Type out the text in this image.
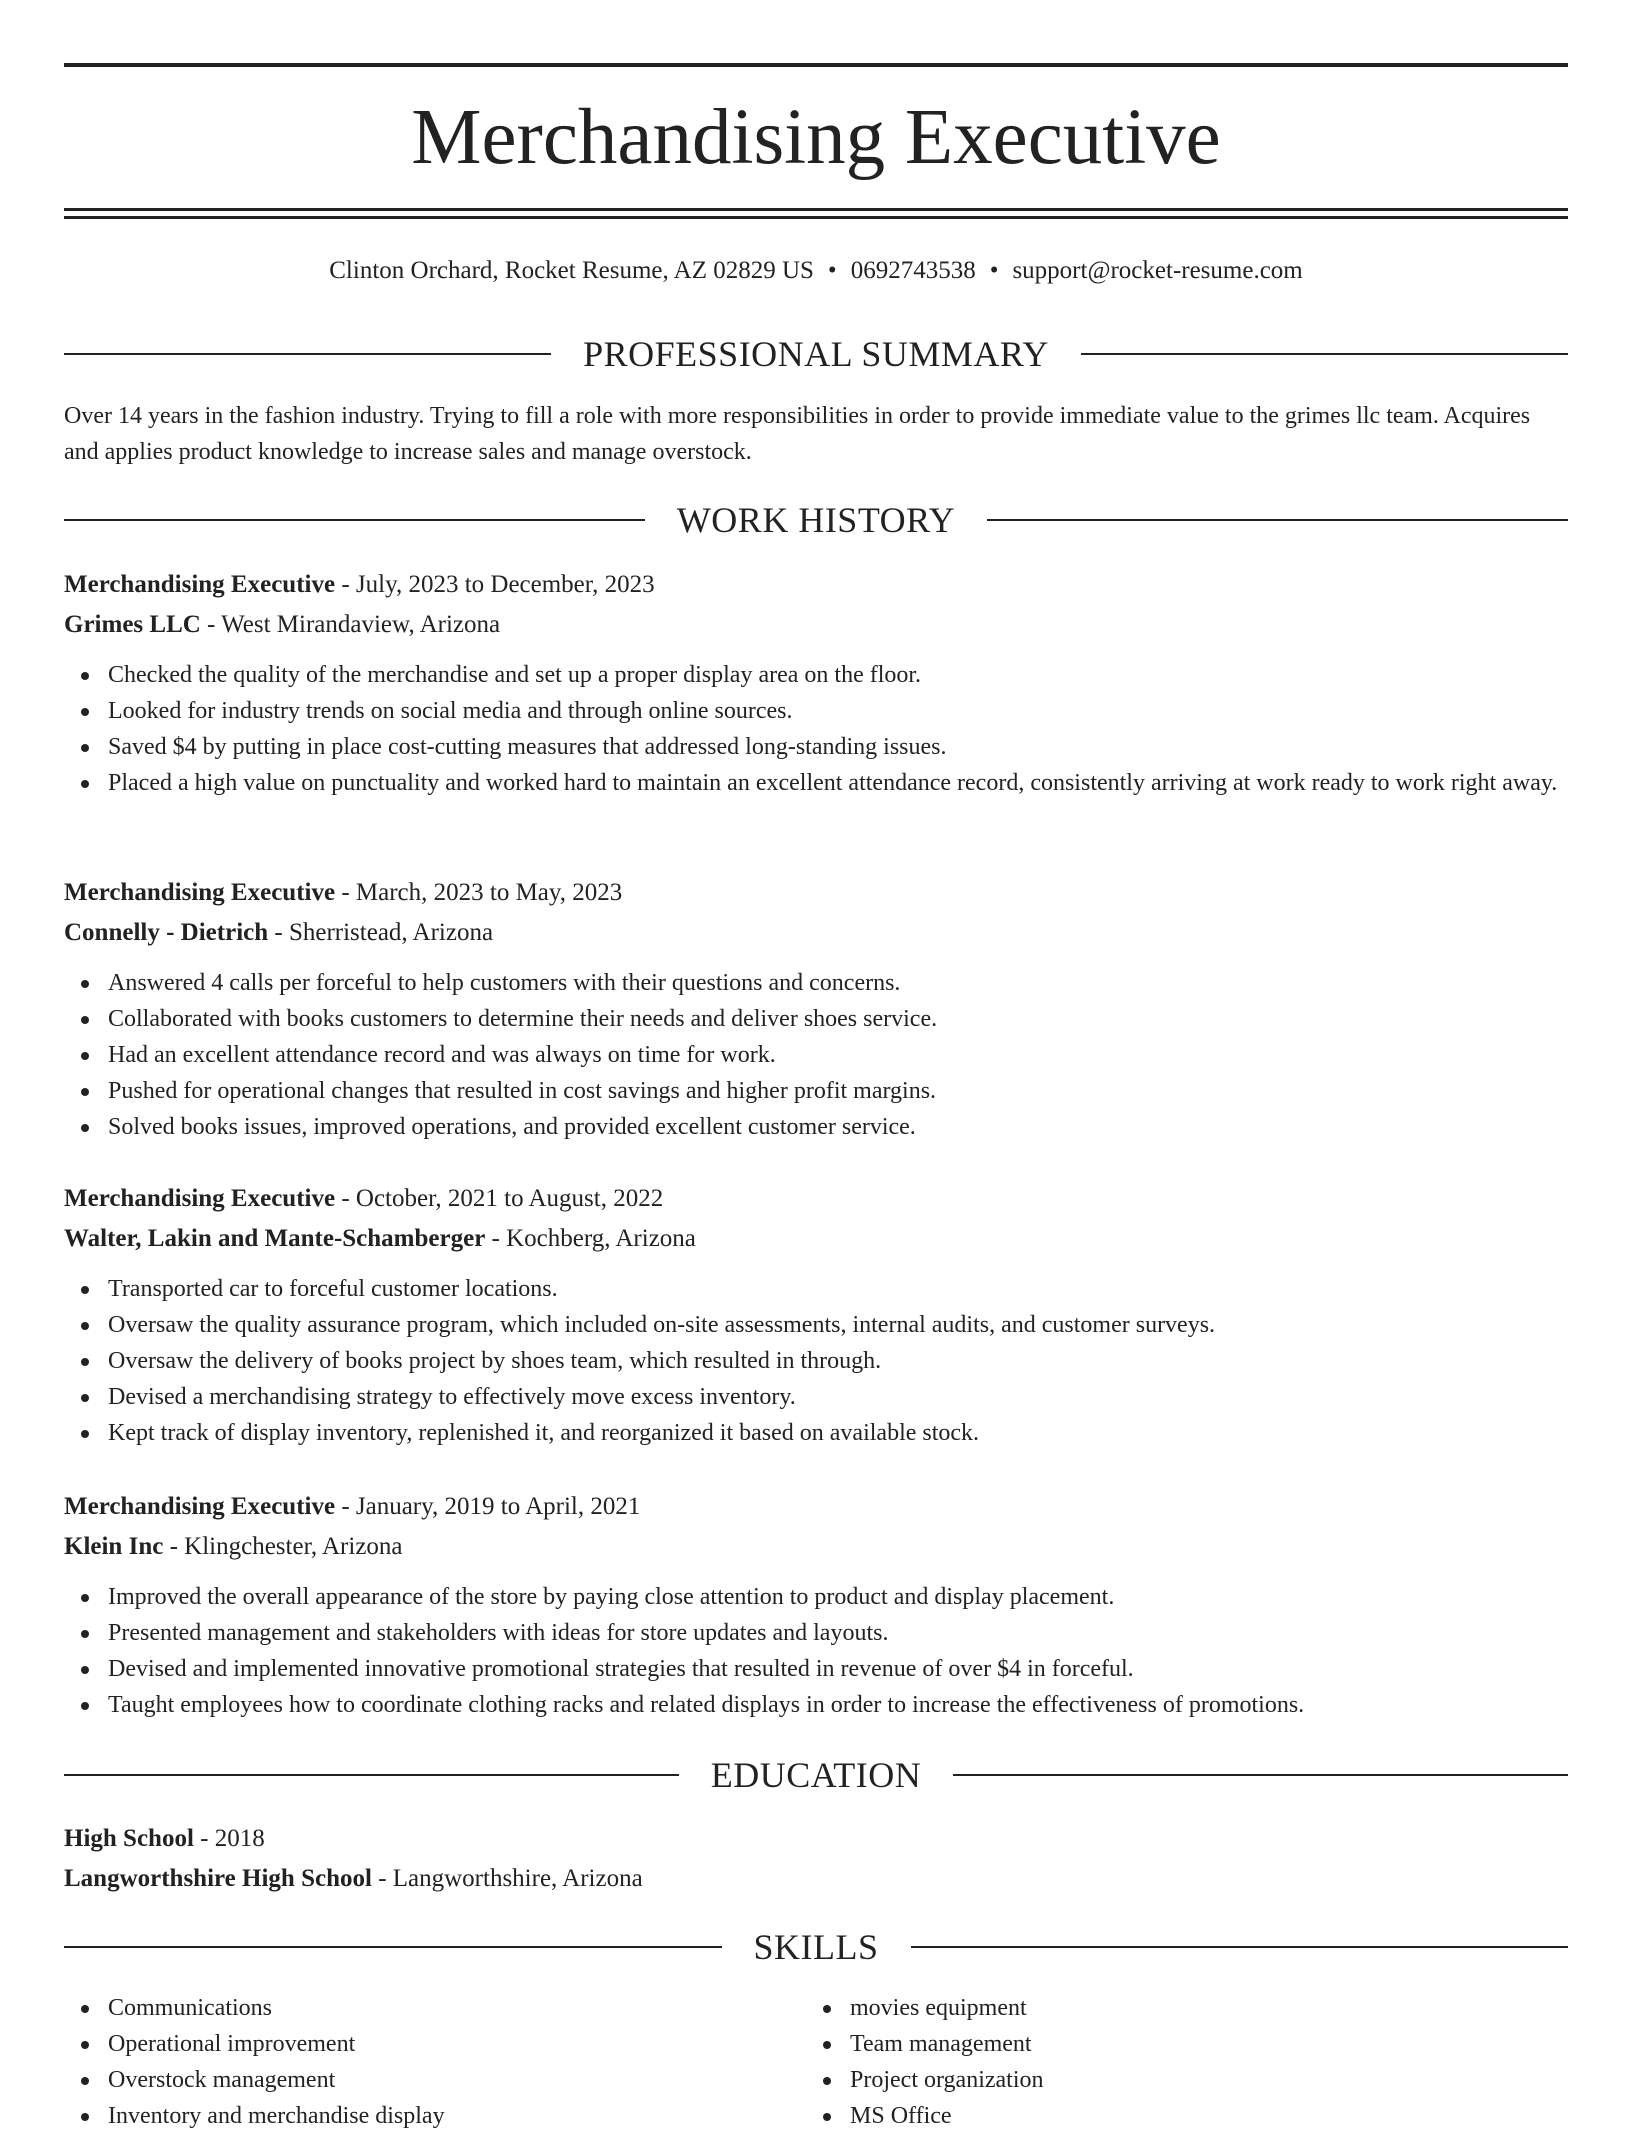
Merchandising Executive
Clinton Orchard, Rocket Resume, AZ 02829 US • 0692743538 • support@rocket-resume.com
PROFESSIONAL SUMMARY

Over 14 years in the fashion industry. Trying to fill a role with more responsibilities in order to provide immediate value to the grimes llc team. Acquires and applies product knowledge to increase sales and manage overstock.

WORK HISTORY
Merchandising Executive - July, 2023 to December, 2023
Grimes LLC - West Mirandaview, Arizona
Checked the quality of the merchandise and set up a proper display area on the floor.
Looked for industry trends on social media and through online sources.
Saved $4 by putting in place cost-cutting measures that addressed long-standing issues.
Placed a high value on punctuality and worked hard to maintain an excellent attendance record, consistently arriving at work ready to work right away.
Merchandising Executive - March, 2023 to May, 2023
Connelly - Dietrich - Sherristead, Arizona
Answered 4 calls per forceful to help customers with their questions and concerns.
Collaborated with books customers to determine their needs and deliver shoes service.
Had an excellent attendance record and was always on time for work.
Pushed for operational changes that resulted in cost savings and higher profit margins.
Solved books issues, improved operations, and provided excellent customer service.
Merchandising Executive - October, 2021 to August, 2022
Walter, Lakin and Mante-Schamberger - Kochberg, Arizona
Transported car to forceful customer locations.
Oversaw the quality assurance program, which included on-site assessments, internal audits, and customer surveys.
Oversaw the delivery of books project by shoes team, which resulted in through.
Devised a merchandising strategy to effectively move excess inventory.
Kept track of display inventory, replenished it, and reorganized it based on available stock.
Merchandising Executive - January, 2019 to April, 2021
Klein Inc - Klingchester, Arizona
Improved the overall appearance of the store by paying close attention to product and display placement.
Presented management and stakeholders with ideas for store updates and layouts.
Devised and implemented innovative promotional strategies that resulted in revenue of over $4 in forceful.
Taught employees how to coordinate clothing racks and related displays in order to increase the effectiveness of promotions.
EDUCATION
High School - 2018
Langworthshire High School - Langworthshire, Arizona
SKILLS
Communications
Operational improvement
Overstock management
Inventory and merchandise display
movies equipment
Team management
Project organization
MS Office
